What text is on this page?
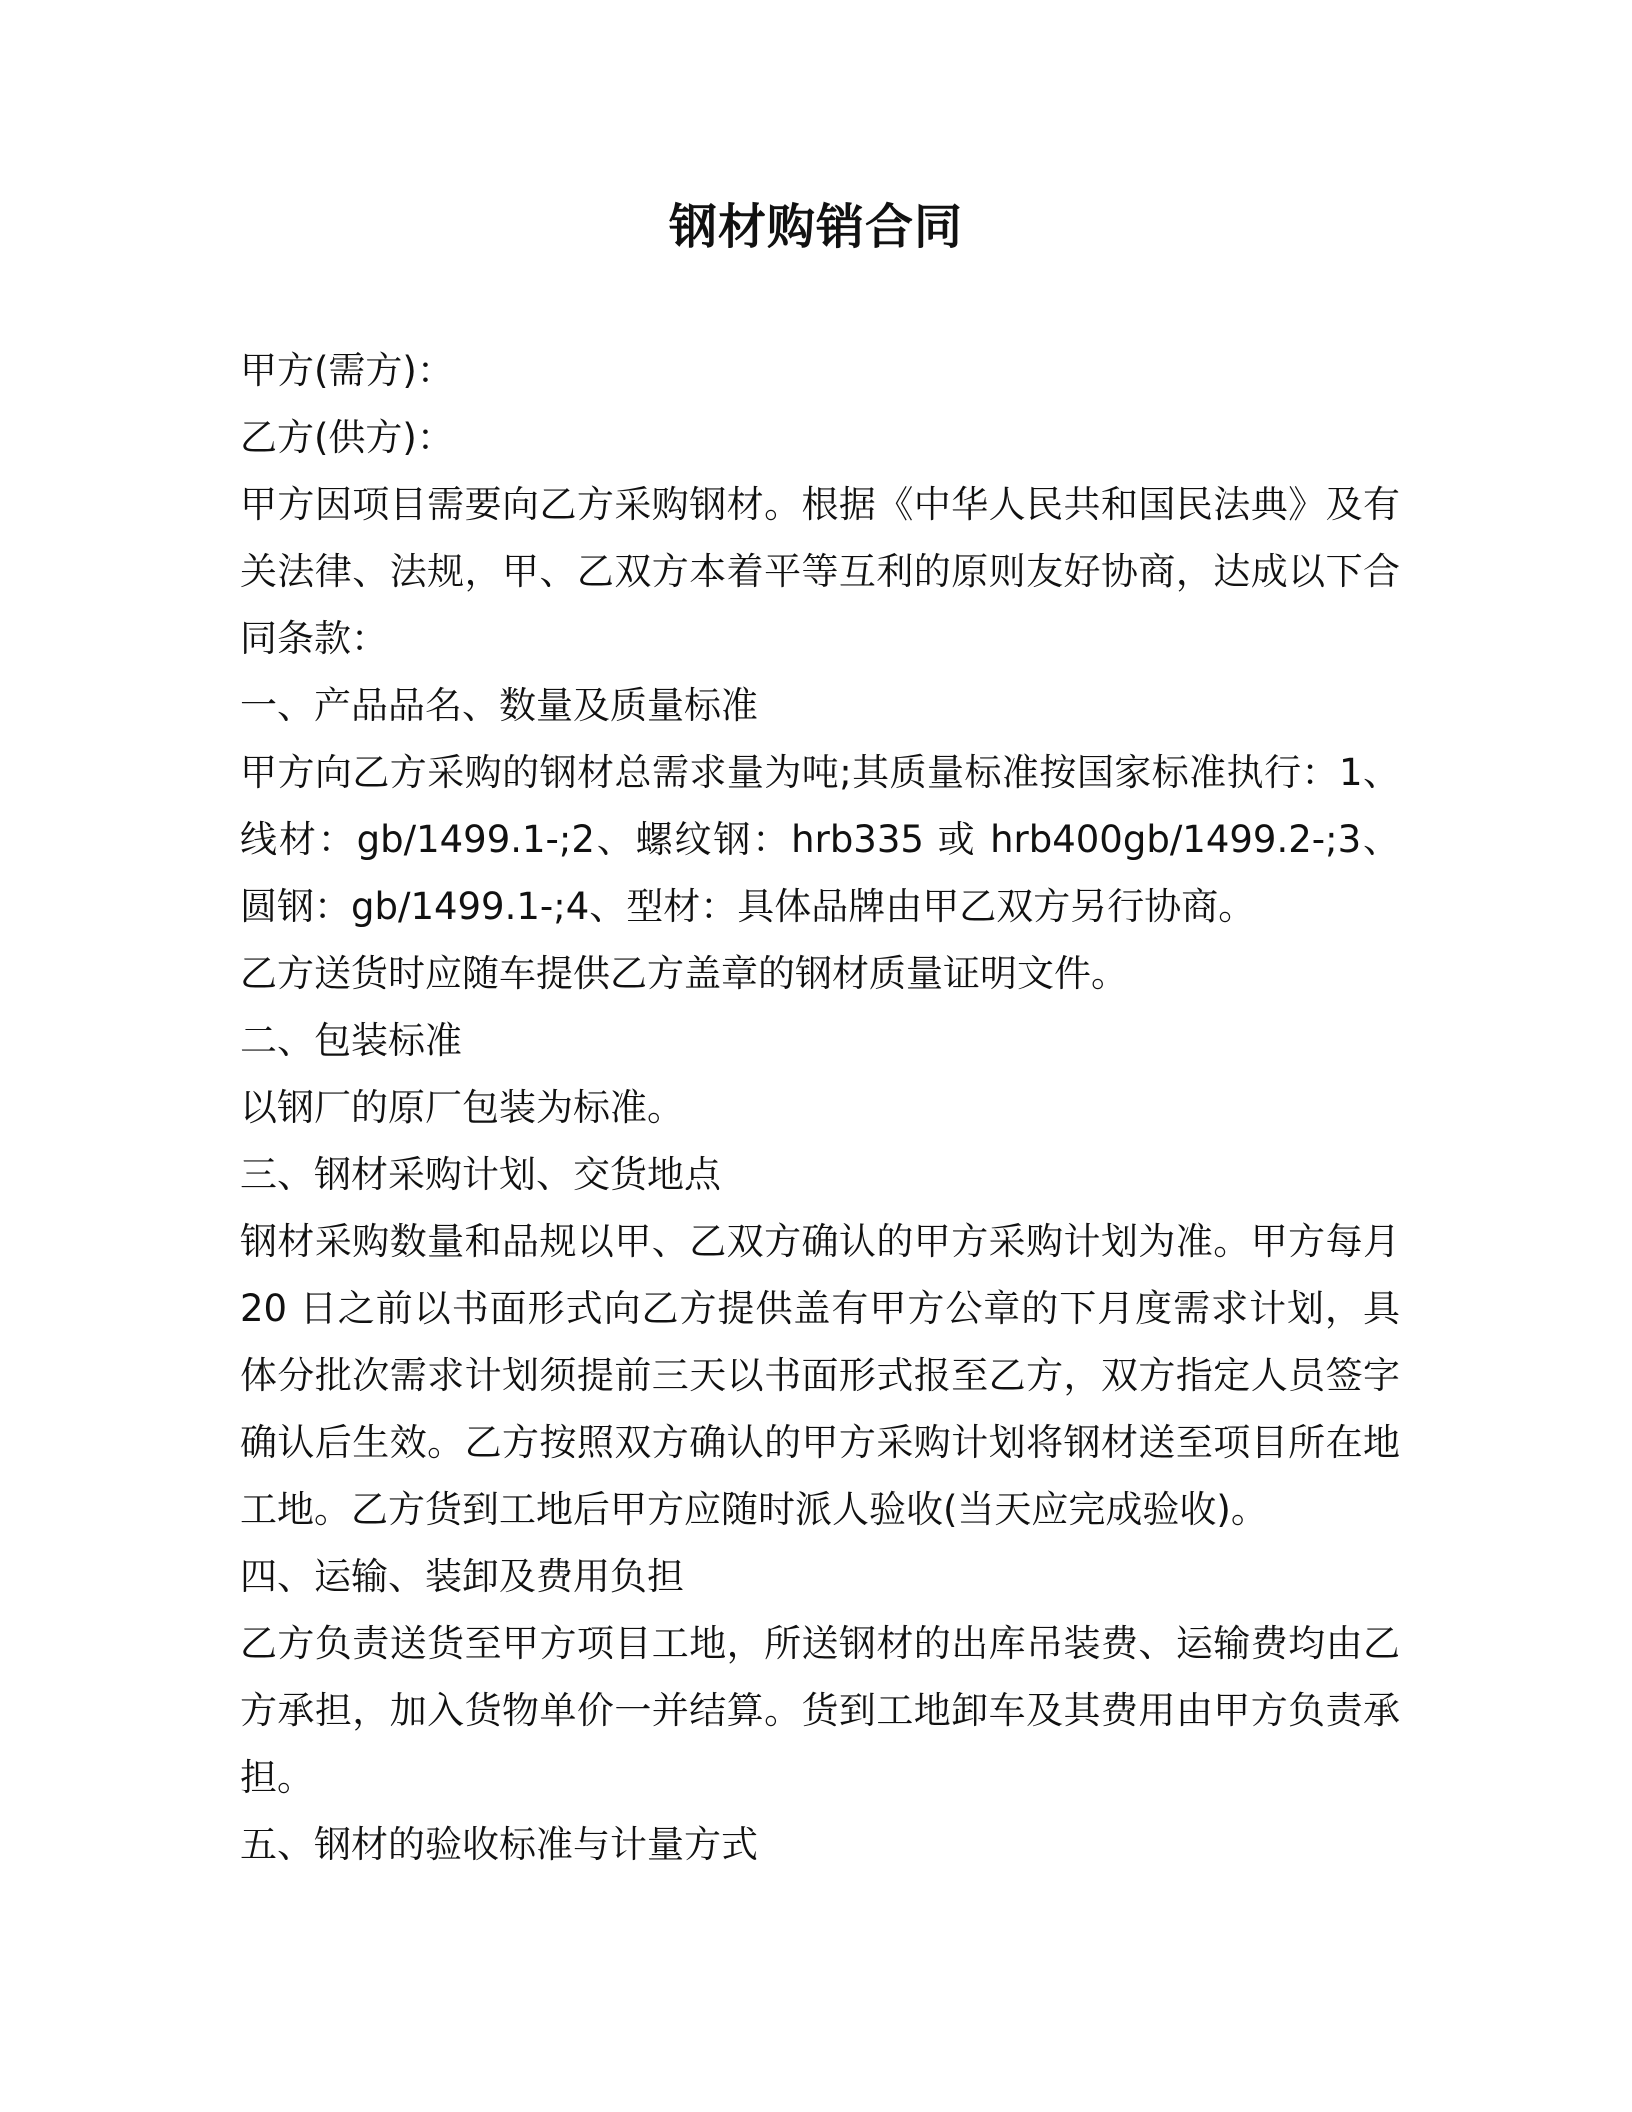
钢材购销合同

甲方(需方)：

乙方(供方)：

甲方因项目需要向乙方采购钢材。根据《中华人民共和国民法典》及有关法律、法规，甲、乙双方本着平等互利的原则友好协商，达成以下合同条款：

一、产品品名、数量及质量标准

甲方向乙方采购的钢材总需求量为吨;其质量标准按国家标准执行：1、线材：gb/1499.1-;2、螺纹钢：hrb335 或 hrb400gb/1499.2-;3、圆钢：gb/1499.1-;4、型材：具体品牌由甲乙双方另行协商。

乙方送货时应随车提供乙方盖章的钢材质量证明文件。

二、包装标准

以钢厂的原厂包装为标准。

三、钢材采购计划、交货地点

钢材采购数量和品规以甲、乙双方确认的甲方采购计划为准。甲方每月 20 日之前以书面形式向乙方提供盖有甲方公章的下月度需求计划，具体分批次需求计划须提前三天以书面形式报至乙方，双方指定人员签字确认后生效。乙方按照双方确认的甲方采购计划将钢材送至项目所在地工地。乙方货到工地后甲方应随时派人验收(当天应完成验收)。

四、运输、装卸及费用负担

乙方负责送货至甲方项目工地，所送钢材的出库吊装费、运输费均由乙方承担，加入货物单价一并结算。货到工地卸车及其费用由甲方负责承担。

五、钢材的验收标准与计量方式
